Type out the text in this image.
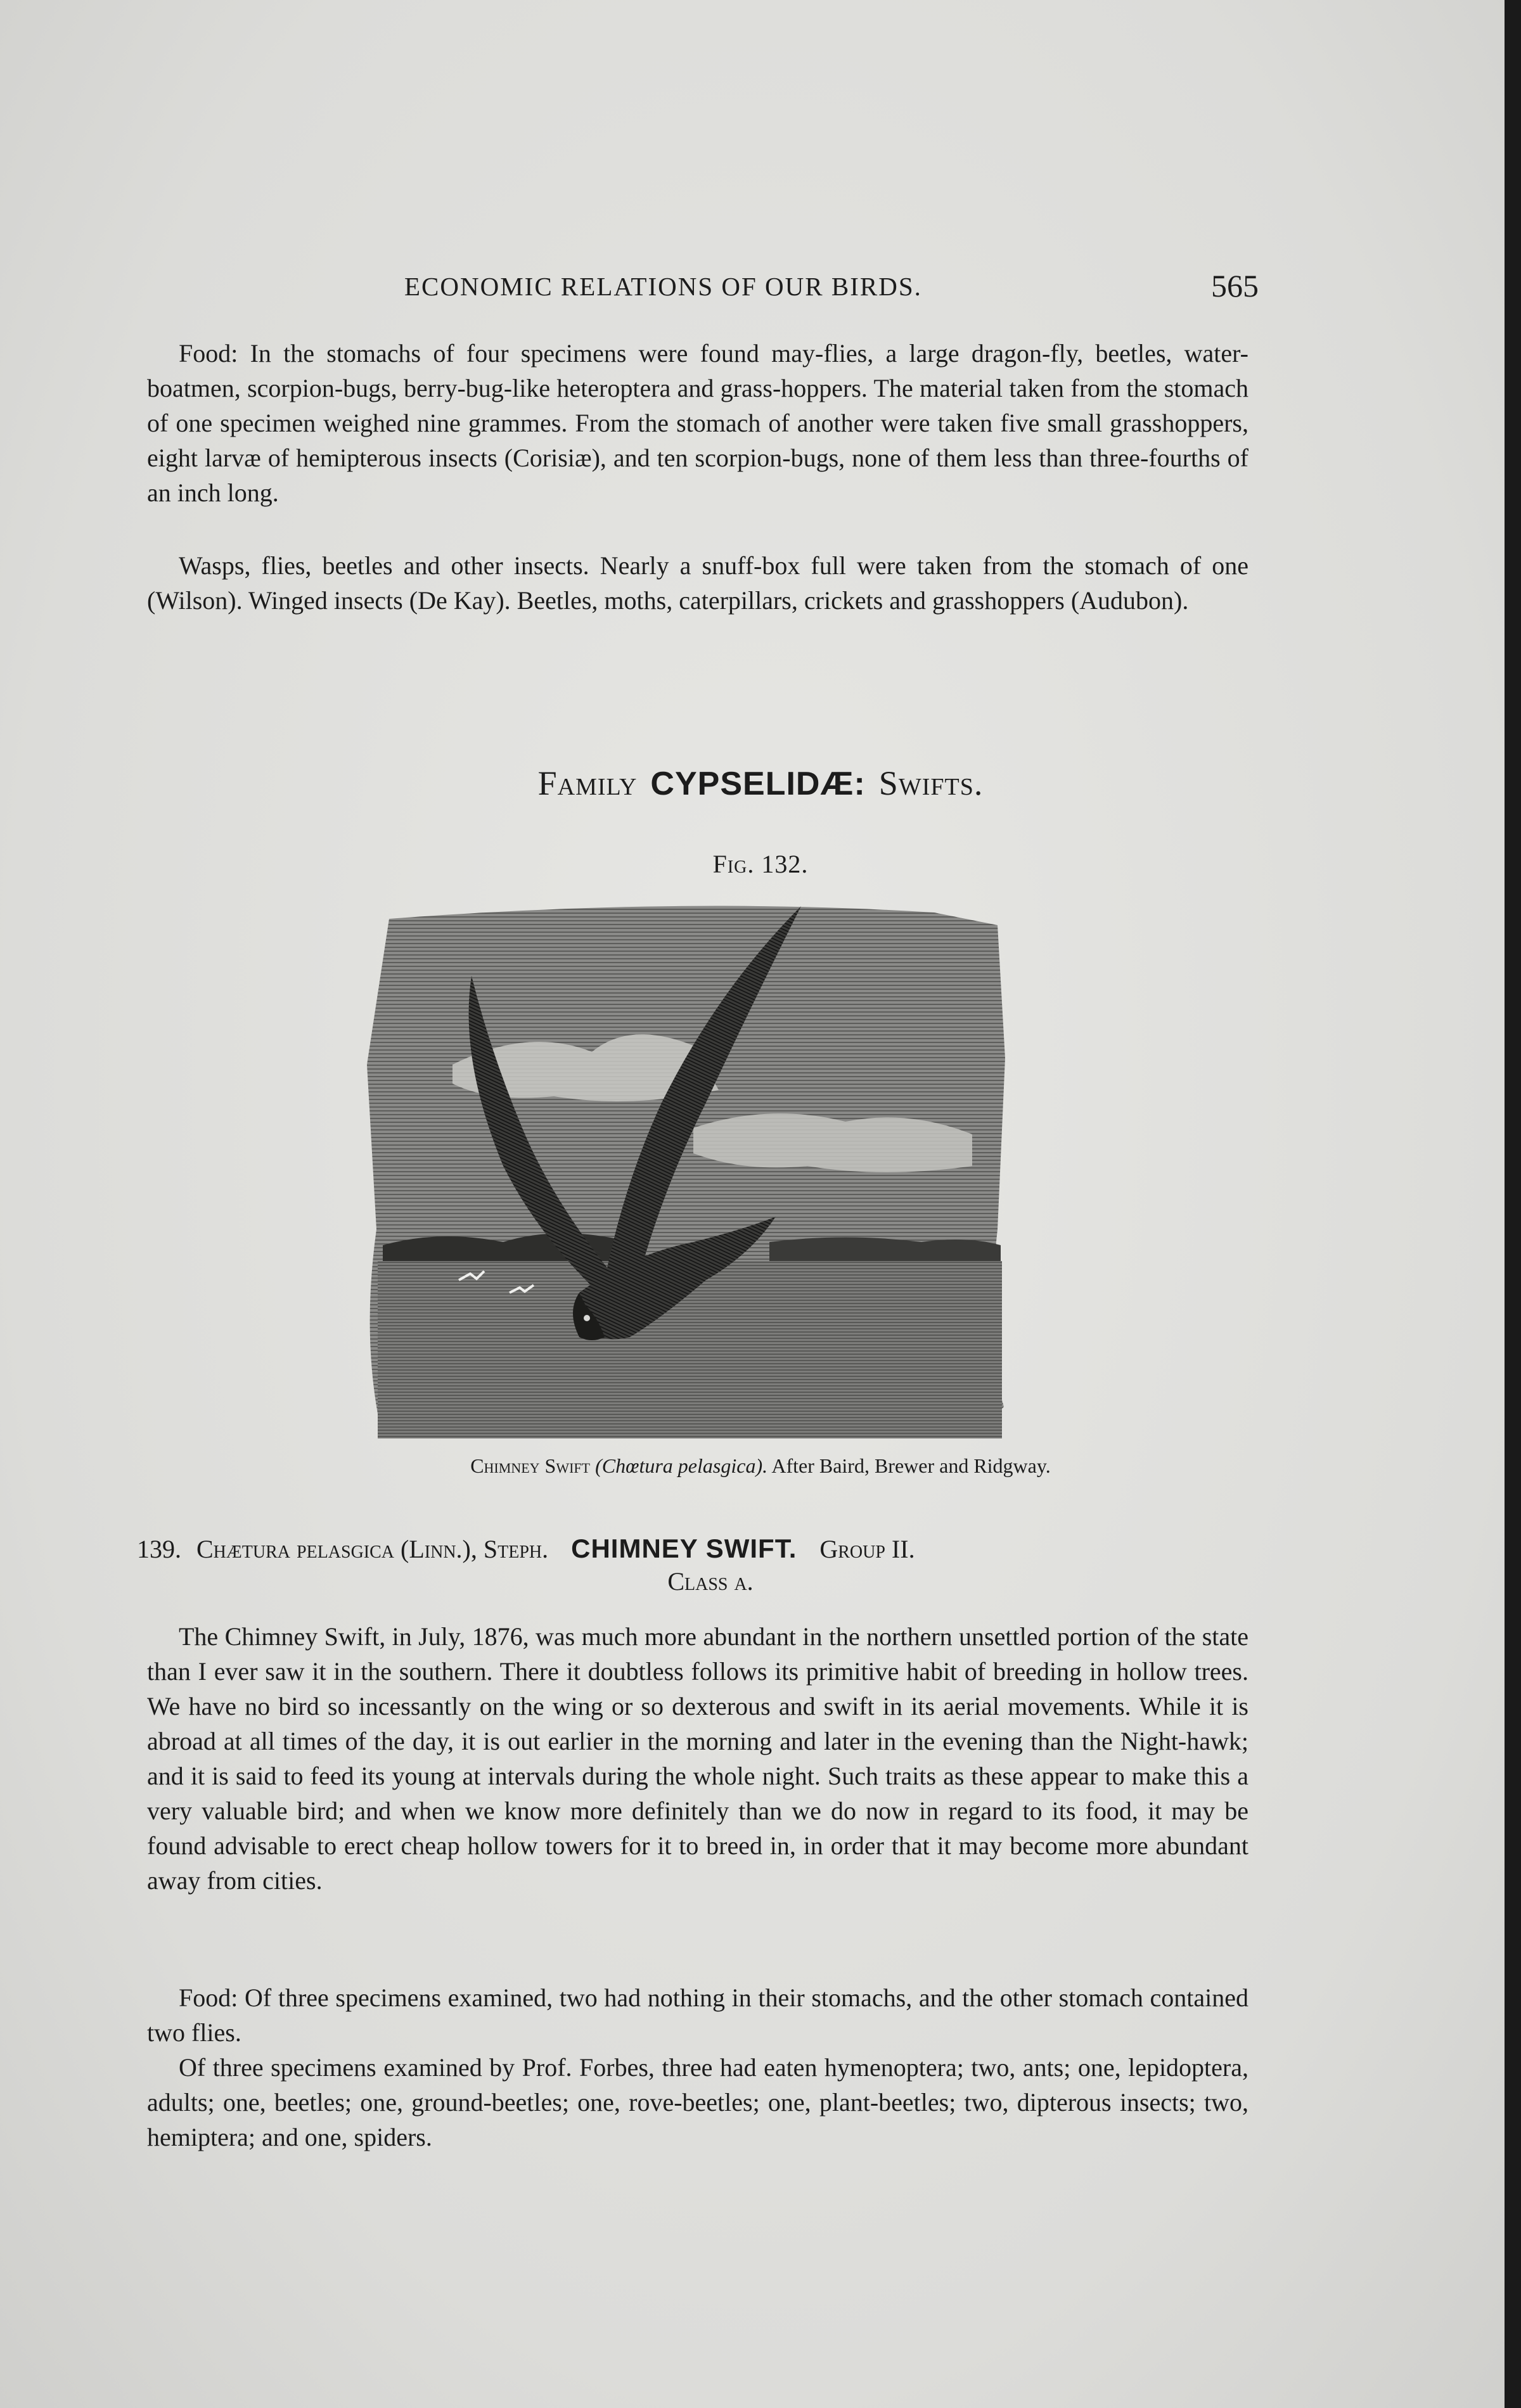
ECONOMIC RELATIONS OF OUR BIRDS.	565

Food: In the stomachs of four specimens were found may-flies, a large dragon-fly, beetles, water-boatmen, scorpion-bugs, berry-bug-like heteroptera and grass-hoppers. The material taken from the stomach of one specimen weighed nine grammes. From the stomach of another were taken five small grasshoppers, eight larvæ of hemipterous insects (Corisiæ), and ten scorpion-bugs, none of them less than three-fourths of an inch long.

Wasps, flies, beetles and other insects. Nearly a snuff-box full were taken from the stomach of one (Wilson). Winged insects (De Kay). Beetles, moths, caterpillars, crickets and grasshoppers (Audubon).

Family CYPSELIDÆ: Swifts.
Fig. 132.
Chimney Swift (Chœtura pelasgica). After Baird, Brewer and Ridgway.
139. Chætura pelasgica (Linn.), Steph. CHIMNEY SWIFT. Group II.
Class a.

The Chimney Swift, in July, 1876, was much more abundant in the northern unsettled portion of the state than I ever saw it in the southern. There it doubtless follows its primitive habit of breeding in hollow trees. We have no bird so incessantly on the wing or so dexterous and swift in its aerial movements. While it is abroad at all times of the day, it is out earlier in the morning and later in the evening than the Night-hawk; and it is said to feed its young at intervals during the whole night. Such traits as these appear to make this a very valuable bird; and when we know more definitely than we do now in regard to its food, it may be found advisable to erect cheap hollow towers for it to breed in, in order that it may become more abundant away from cities.

Food: Of three specimens examined, two had nothing in their stomachs, and the other stomach contained two flies.

Of three specimens examined by Prof. Forbes, three had eaten hymenoptera; two, ants; one, lepidoptera, adults; one, beetles; one, ground-beetles; one, rove-beetles; one, plant-beetles; two, dipterous insects; two, hemiptera; and one, spiders.
